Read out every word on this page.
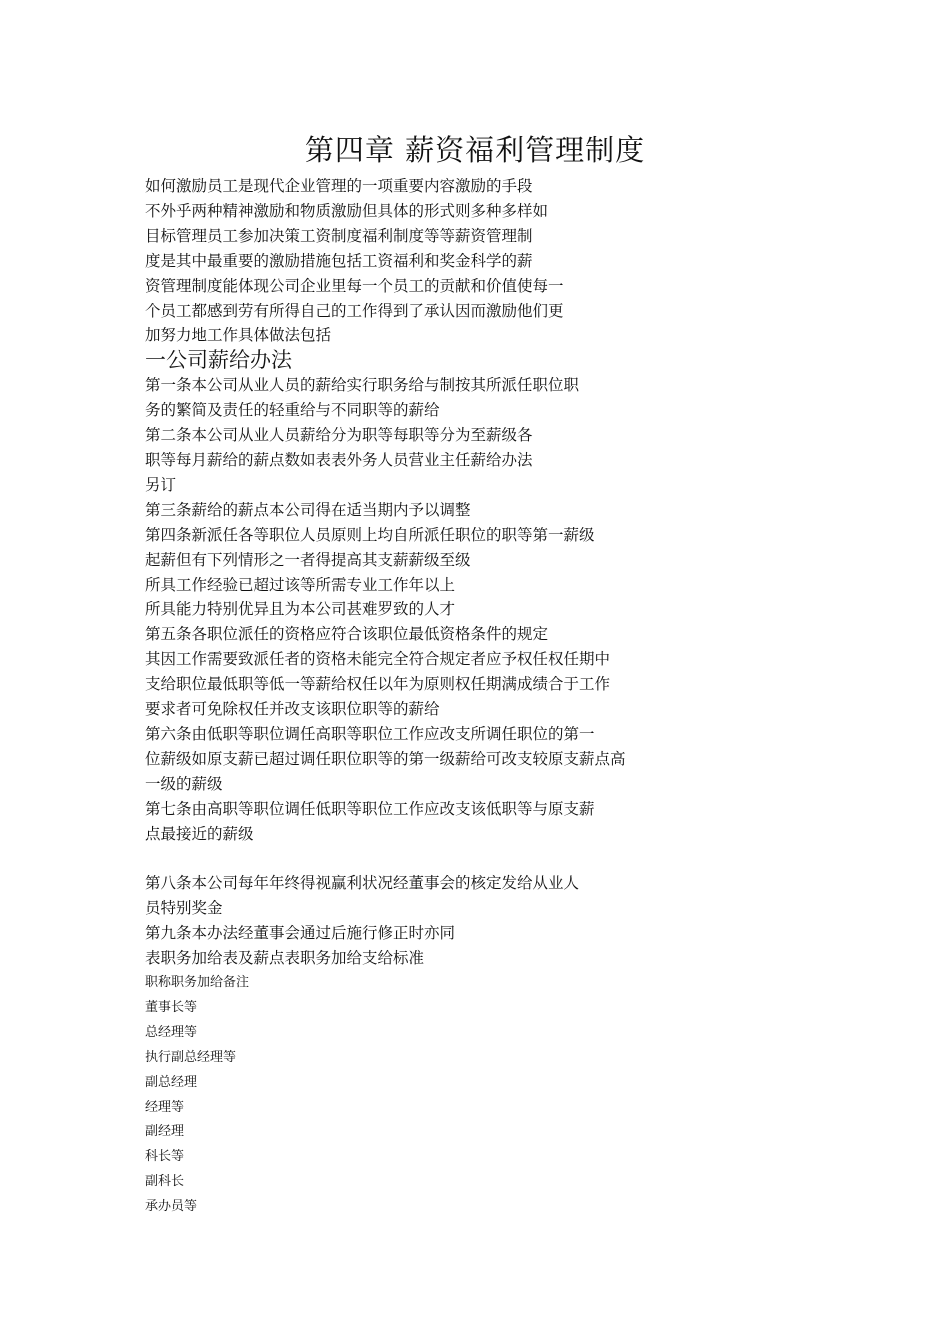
第四章 薪资福利管理制度
如何激励员工是现代企业管理的一项重要内容激励的手段
不外乎两种精神激励和物质激励但具体的形式则多种多样如
目标管理员工参加决策工资制度福利制度等等薪资管理制
度是其中最重要的激励措施包括工资福利和奖金科学的薪
资管理制度能体现公司企业里每一个员工的贡献和价值使每一
个员工都感到劳有所得自己的工作得到了承认因而激励他们更
加努力地工作具体做法包括
一公司薪给办法
第一条本公司从业人员的薪给实行职务给与制按其所派任职位职
务的繁简及责任的轻重给与不同职等的薪给
第二条本公司从业人员薪给分为职等每职等分为至薪级各
职等每月薪给的薪点数如表表外务人员营业主任薪给办法
另订
第三条薪给的薪点本公司得在适当期内予以调整
第四条新派任各等职位人员原则上均自所派任职位的职等第一薪级
起薪但有下列情形之一者得提高其支薪薪级至级
所具工作经验已超过该等所需专业工作年以上
所具能力特别优异且为本公司甚难罗致的人才
第五条各职位派任的资格应符合该职位最低资格条件的规定
其因工作需要致派任者的资格未能完全符合规定者应予权任权任期中
支给职位最低职等低一等薪给权任以年为原则权任期满成绩合于工作
要求者可免除权任并改支该职位职等的薪给
第六条由低职等职位调任高职等职位工作应改支所调任职位的第一
位薪级如原支薪已超过调任职位职等的第一级薪给可改支较原支薪点高
一级的薪级
第七条由高职等职位调任低职等职位工作应改支该低职等与原支薪
点最接近的薪级
第八条本公司每年年终得视赢利状况经董事会的核定发给从业人
员特别奖金
第九条本办法经董事会通过后施行修正时亦同
表职务加给表及薪点表职务加给支给标准
职称职务加给备注
董事长等
总经理等
执行副总经理等
副总经理
经理等
副经理
科长等
副科长
承办员等
